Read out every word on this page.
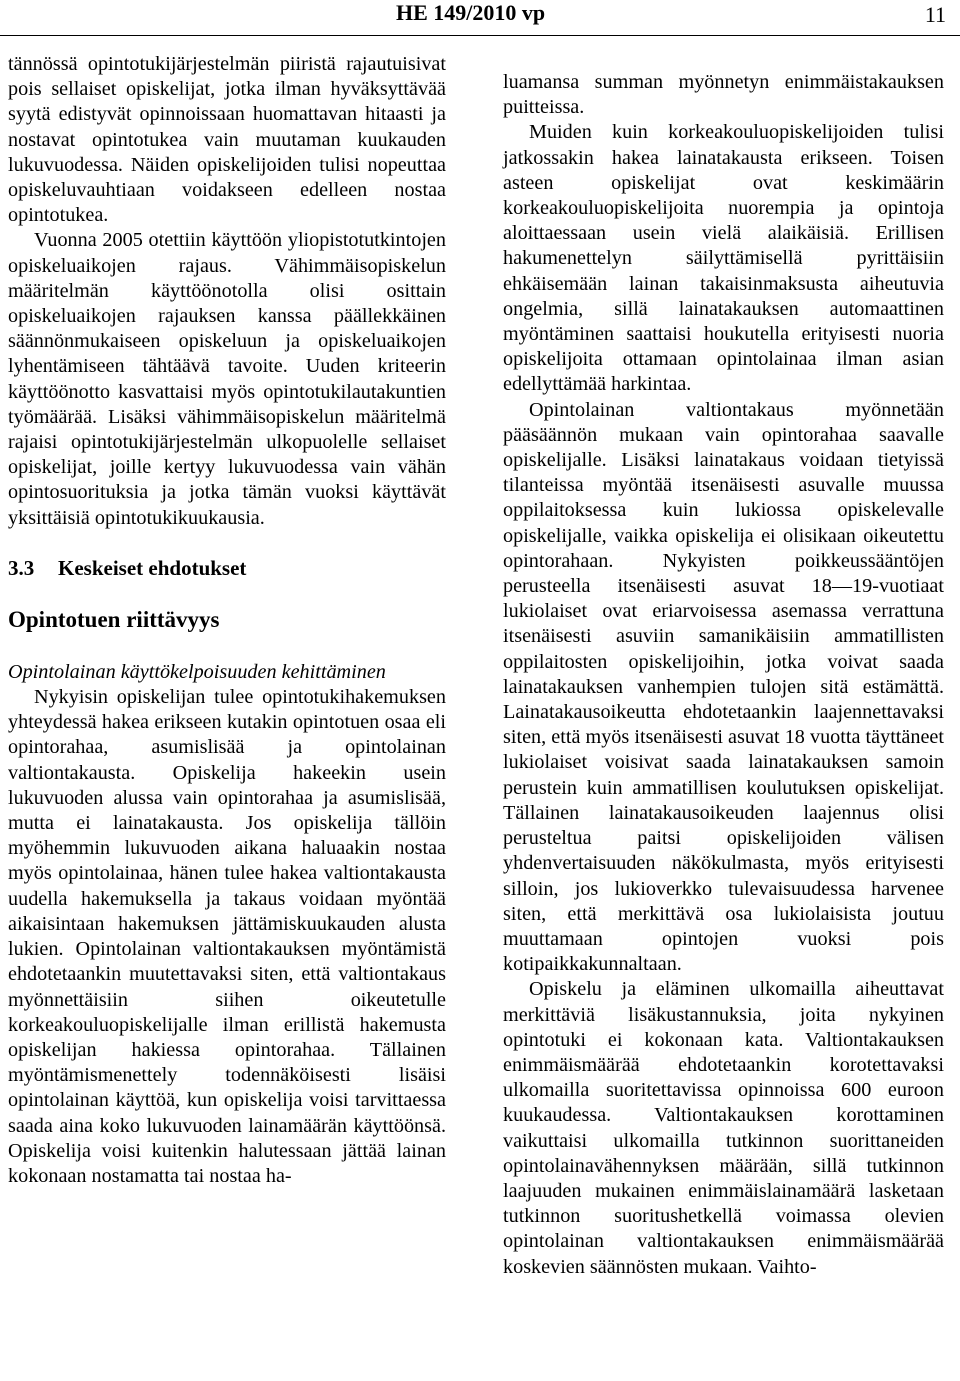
HE 149/2010 vp	11

tännössä opintotukijärjestelmän piiristä rajautuisivat pois sellaiset opiskelijat, jotka ilman hyväksyttävää syytä edistyvät opinnoissaan huomattavan hitaasti ja nostavat opintotukea vain muutaman kuukauden lukuvuodessa. Näiden opiskelijoiden tulisi nopeuttaa opiskeluvauhtiaan voidakseen edelleen nostaa opintotukea.

Vuonna 2005 otettiin käyttöön yliopistotutkintojen opiskeluaikojen rajaus. Vähimmäisopiskelun määritelmän käyttöönotolla olisi osittain opiskeluaikojen rajauksen kanssa päällekkäinen säännönmukaiseen opiskeluun ja opiskeluaikojen lyhentämiseen tähtäävä tavoite. Uuden kriteerin käyttöönotto kasvattaisi myös opintotukilautakuntien työmäärää. Lisäksi vähimmäisopiskelun määritelmä rajaisi opintotukijärjestelmän ulkopuolelle sellaiset opiskelijat, joille kertyy lukuvuodessa vain vähän opintosuorituksia ja jotka tämän vuoksi käyttävät yksittäisiä opintotukikuukausia.

3.3 Keskeiset ehdotukset
Opintotuen riittävyys
Opintolainan käyttökelpoisuuden kehittäminen

Nykyisin opiskelijan tulee opintotukihakemuksen yhteydessä hakea erikseen kutakin opintotuen osaa eli opintorahaa, asumislisää ja opintolainan valtiontakausta. Opiskelija hakeekin usein lukuvuoden alussa vain opintorahaa ja asumislisää, mutta ei lainatakausta. Jos opiskelija tällöin myöhemmin lukuvuoden aikana haluaakin nostaa myös opintolainaa, hänen tulee hakea valtiontakausta uudella hakemuksella ja takaus voidaan myöntää aikaisintaan hakemuksen jättämiskuukauden alusta lukien. Opintolainan valtiontakauksen myöntämistä ehdotetaankin muutettavaksi siten, että valtiontakaus myönnettäisiin siihen oikeutetulle korkeakouluopiskelijalle ilman erillistä hakemusta opiskelijan hakiessa opintorahaa. Tällainen myöntämismenettely todennäköisesti lisäisi opintolainan käyttöä, kun opiskelija voisi tarvittaessa saada aina koko lukuvuoden lainamäärän käyttöönsä. Opiskelija voisi kuitenkin halutessaan jättää lainan kokonaan nostamatta tai nostaa ha-

luamansa summan myönnetyn enimmäistakauksen puitteissa.

Muiden kuin korkeakouluopiskelijoiden tulisi jatkossakin hakea lainatakausta erikseen. Toisen asteen opiskelijat ovat keskimäärin korkeakouluopiskelijoita nuorempia ja opintoja aloittaessaan usein vielä alaikäisiä. Erillisen hakumenettelyn säilyttämisellä pyrittäisiin ehkäisemään lainan takaisinmaksusta aiheutuvia ongelmia, sillä lainatakauksen automaattinen myöntäminen saattaisi houkutella erityisesti nuoria opiskelijoita ottamaan opintolainaa ilman asian edellyttämää harkintaa.

Opintolainan valtiontakaus myönnetään pääsäännön mukaan vain opintorahaa saavalle opiskelijalle. Lisäksi lainatakaus voidaan tietyissä tilanteissa myöntää itsenäisesti asuvalle muussa oppilaitoksessa kuin lukiossa opiskelevalle opiskelijalle, vaikka opiskelija ei olisikaan oikeutettu opintorahaan. Nykyisten poikkeussääntöjen perusteella itsenäisesti asuvat 18—19-vuotiaat lukiolaiset ovat eriarvoisessa asemassa verrattuna itsenäisesti asuviin samanikäisiin ammatillisten oppilaitosten opiskelijoihin, jotka voivat saada lainatakauksen vanhempien tulojen sitä estämättä. Lainatakausoikeutta ehdotetaankin laajennettavaksi siten, että myös itsenäisesti asuvat 18 vuotta täyttäneet lukiolaiset voisivat saada lainatakauksen samoin perustein kuin ammatillisen koulutuksen opiskelijat. Tällainen lainatakausoikeuden laajennus olisi perusteltua paitsi opiskelijoiden välisen yhdenvertaisuuden näkökulmasta, myös erityisesti silloin, jos lukioverkko tulevaisuudessa harvenee siten, että merkittävä osa lukiolaisista joutuu muuttamaan opintojen vuoksi pois kotipaikkakunnaltaan.

Opiskelu ja eläminen ulkomailla aiheuttavat merkittäviä lisäkustannuksia, joita nykyinen opintotuki ei kokonaan kata. Valtiontakauksen enimmäismäärää ehdotetaankin korotettavaksi ulkomailla suoritettavissa opinnoissa 600 euroon kuukaudessa. Valtiontakauksen korottaminen vaikuttaisi ulkomailla tutkinnon suorittaneiden opintolainavähennyksen määrään, sillä tutkinnon laajuuden mukainen enimmäislainamäärä lasketaan tutkinnon suoritushetkellä voimassa olevien opintolainan valtiontakauksen enimmäismäärää koskevien säännösten mukaan. Vaihto-
